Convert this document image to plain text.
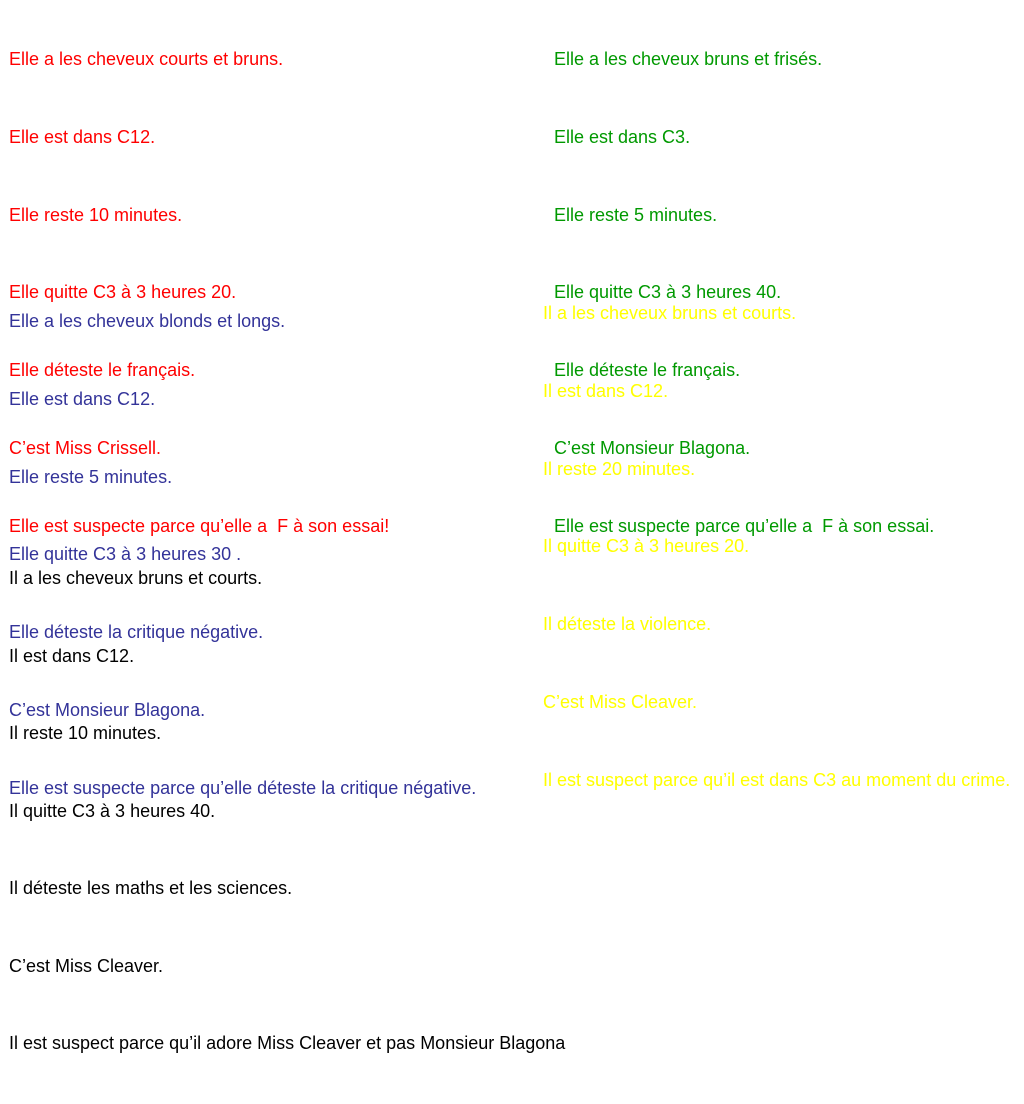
Elle a les cheveux courts et bruns.

Elle est dans C12.

Elle reste 10 minutes.

Elle quitte C3 à 3 heures 20.

Elle déteste le français.

C’est Miss Crissell.

Elle est suspecte parce qu’elle a  F à son essai!

Elle a les cheveux bruns et frisés.

Elle est dans C3.

Elle reste 5 minutes.

Elle quitte C3 à 3 heures 40.

Elle déteste le français.

C’est Monsieur Blagona.

Elle est suspecte parce qu’elle a  F à son essai.

Elle a les cheveux blonds et longs.

Elle est dans C12.

Elle reste 5 minutes.

Elle quitte C3 à 3 heures 30 .

Elle déteste la critique négative.

C’est Monsieur Blagona.

Elle est suspecte parce qu’elle déteste la critique négative.

Il a les cheveux bruns et courts.

Il est dans C12.

Il reste 20 minutes.

Il quitte C3 à 3 heures 20.

Il déteste la violence.

C’est Miss Cleaver.

Il est suspect parce qu’il est dans C3 au moment du crime.

Il a les cheveux bruns et courts.

Il est dans C12.

Il reste 10 minutes.

Il quitte C3 à 3 heures 40.

Il déteste les maths et les sciences.

C’est Miss Cleaver.

Il est suspect parce qu’il adore Miss Cleaver et pas Monsieur Blagona
